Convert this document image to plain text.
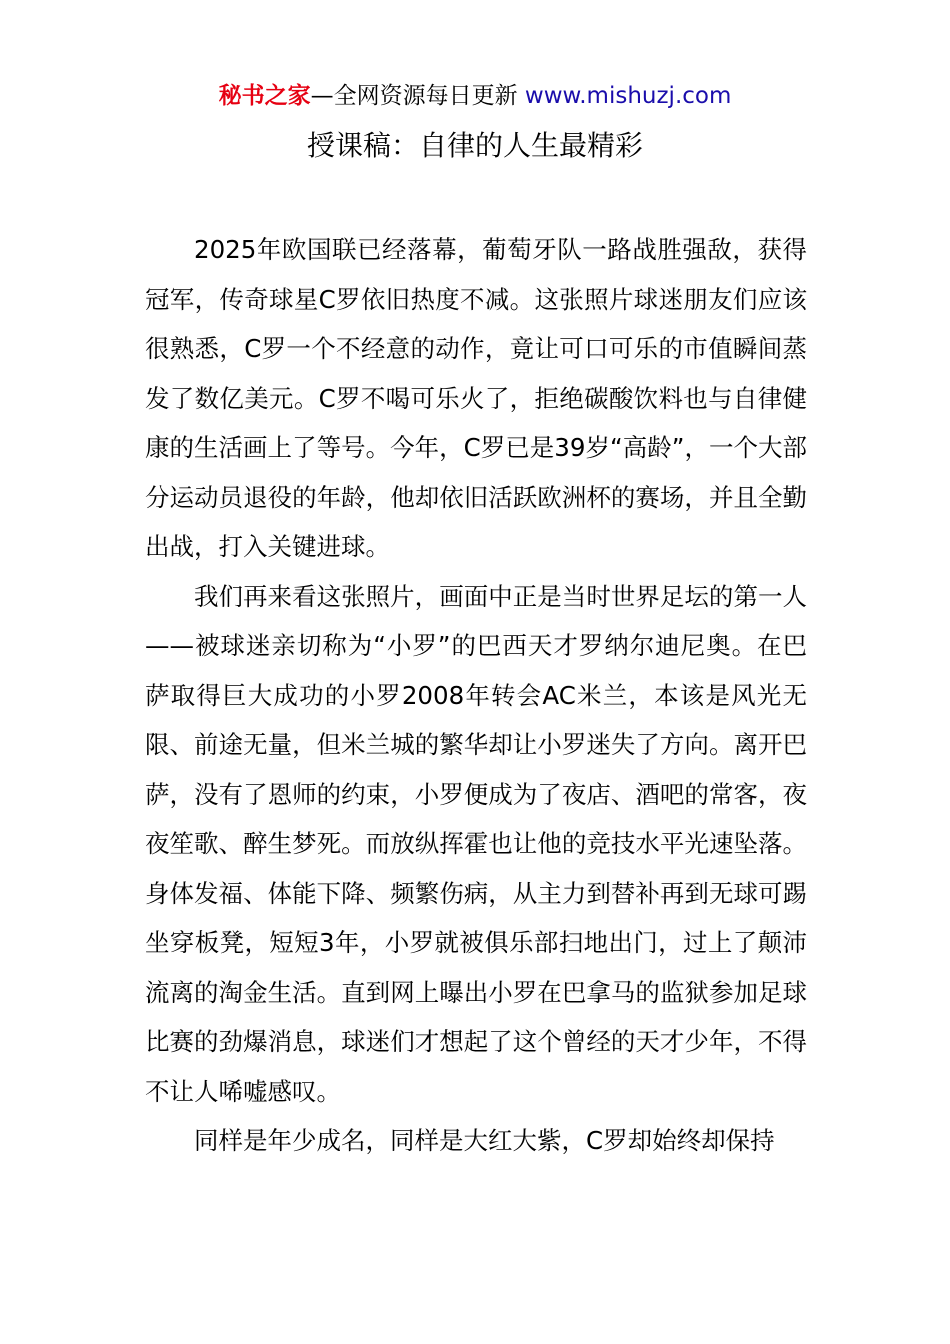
秘书之家—全网资源每日更新 www.mishuzj.com
授课稿：自律的人生最精彩

2025年欧国联已经落幕，葡萄牙队一路战胜强敌，获得冠军，传奇球星C罗依旧热度不减。这张照片球迷朋友们应该很熟悉，C罗一个不经意的动作，竟让可口可乐的市值瞬间蒸发了数亿美元。C罗不喝可乐火了，拒绝碳酸饮料也与自律健康的生活画上了等号。今年，C罗已是39岁“高龄”，一个大部分运动员退役的年龄，他却依旧活跃欧洲杯的赛场，并且全勤出战，打入关键进球。

我们再来看这张照片，画面中正是当时世界足坛的第一人——被球迷亲切称为“小罗”的巴西天才罗纳尔迪尼奥。在巴萨取得巨大成功的小罗2008年转会AC米兰，本该是风光无限、前途无量，但米兰城的繁华却让小罗迷失了方向。离开巴萨，没有了恩师的约束，小罗便成为了夜店、酒吧的常客，夜夜笙歌、醉生梦死。而放纵挥霍也让他的竞技水平光速坠落。身体发福、体能下降、频繁伤病，从主力到替补再到无球可踢坐穿板凳，短短3年，小罗就被俱乐部扫地出门，过上了颠沛流离的淘金生活。直到网上曝出小罗在巴拿马的监狱参加足球比赛的劲爆消息，球迷们才想起了这个曾经的天才少年，不得不让人唏嘘感叹。

同样是年少成名，同样是大红大紫，C罗却始终却保持
